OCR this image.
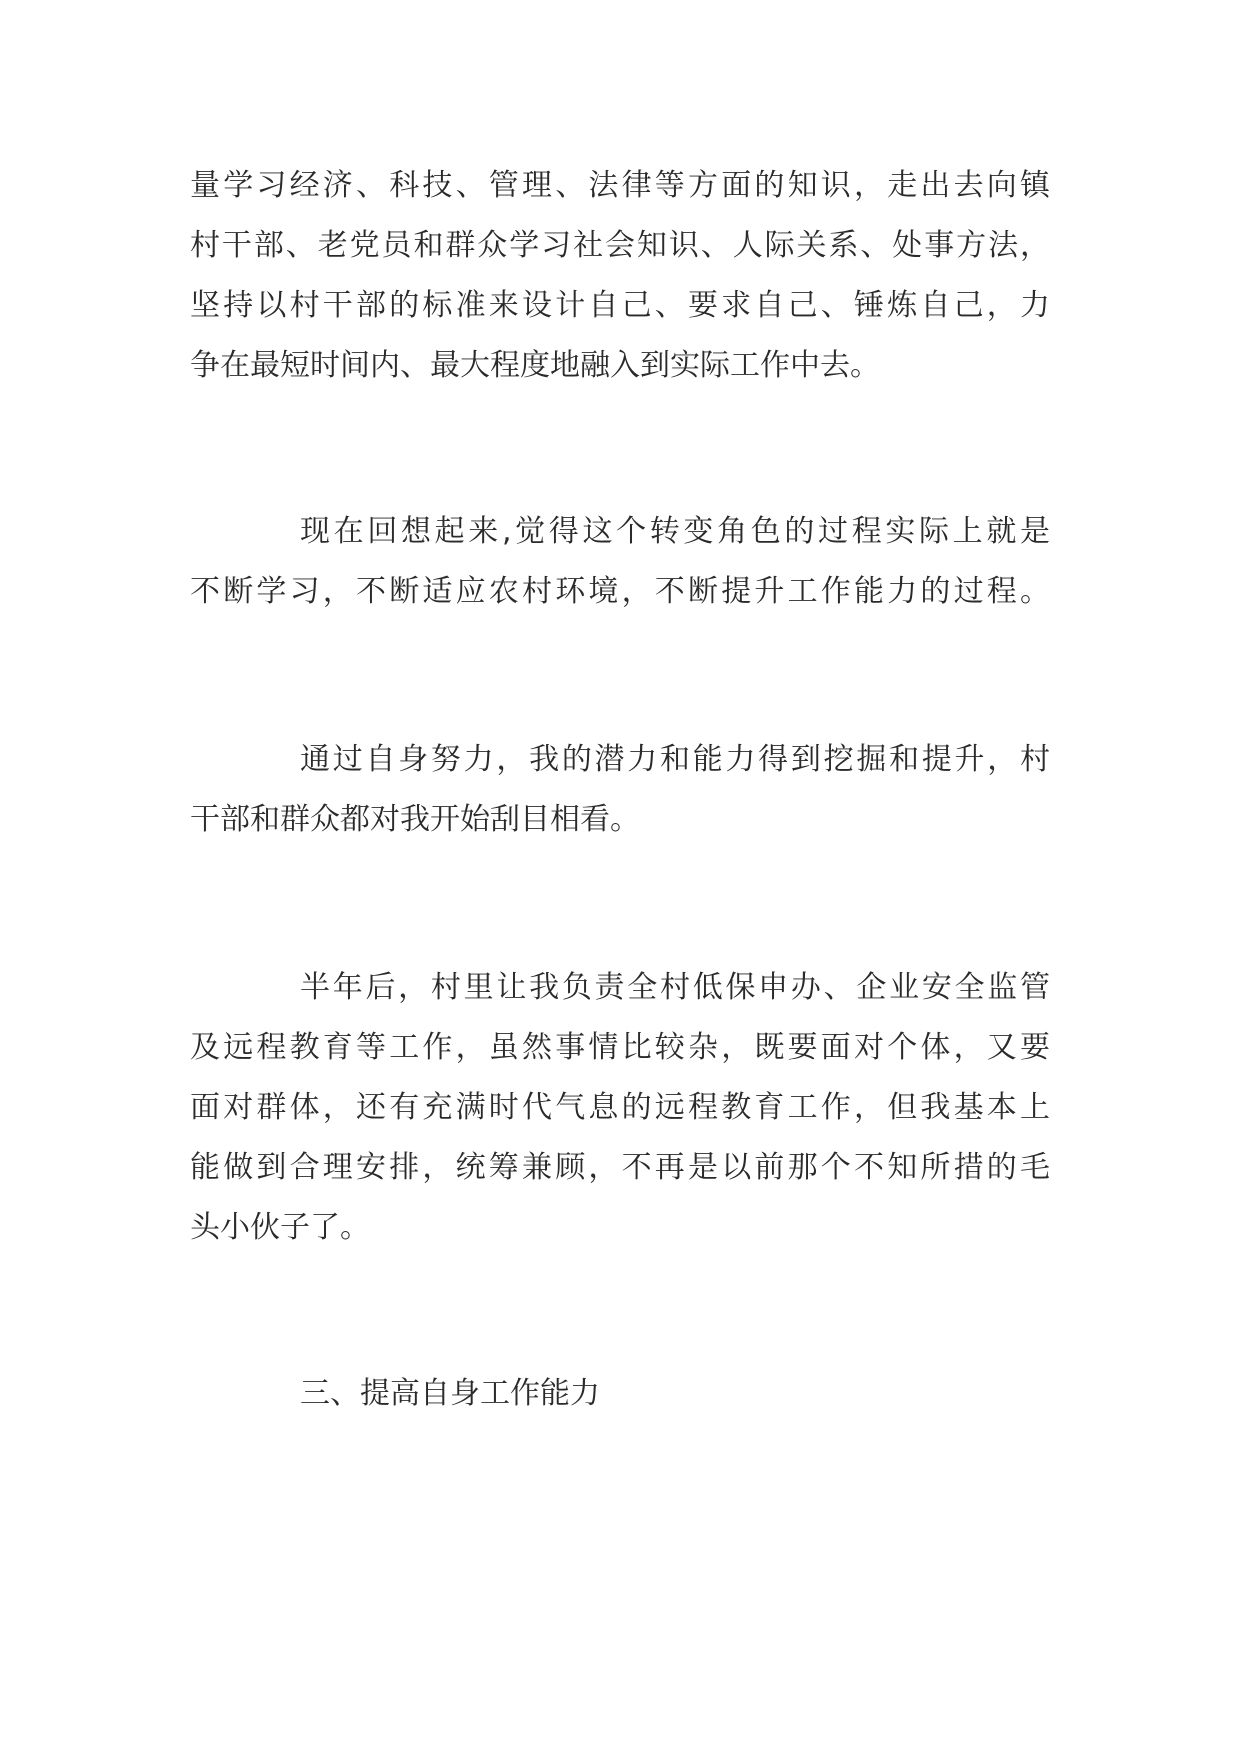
量学习经济、科技、管理、法律等方面的知识，走出去向镇
村干部、老党员和群众学习社会知识、人际关系、处事方法，
坚持以村干部的标准来设计自己、要求自己、锤炼自己，力
争在最短时间内、最大程度地融入到实际工作中去。
现在回想起来,觉得这个转变角色的过程实际上就是
不断学习，不断适应农村环境，不断提升工作能力的过程。
通过自身努力，我的潜力和能力得到挖掘和提升，村
干部和群众都对我开始刮目相看。
半年后，村里让我负责全村低保申办、企业安全监管
及远程教育等工作，虽然事情比较杂，既要面对个体，又要
面对群体，还有充满时代气息的远程教育工作，但我基本上
能做到合理安排，统筹兼顾，不再是以前那个不知所措的毛
头小伙子了。
三、提高自身工作能力
